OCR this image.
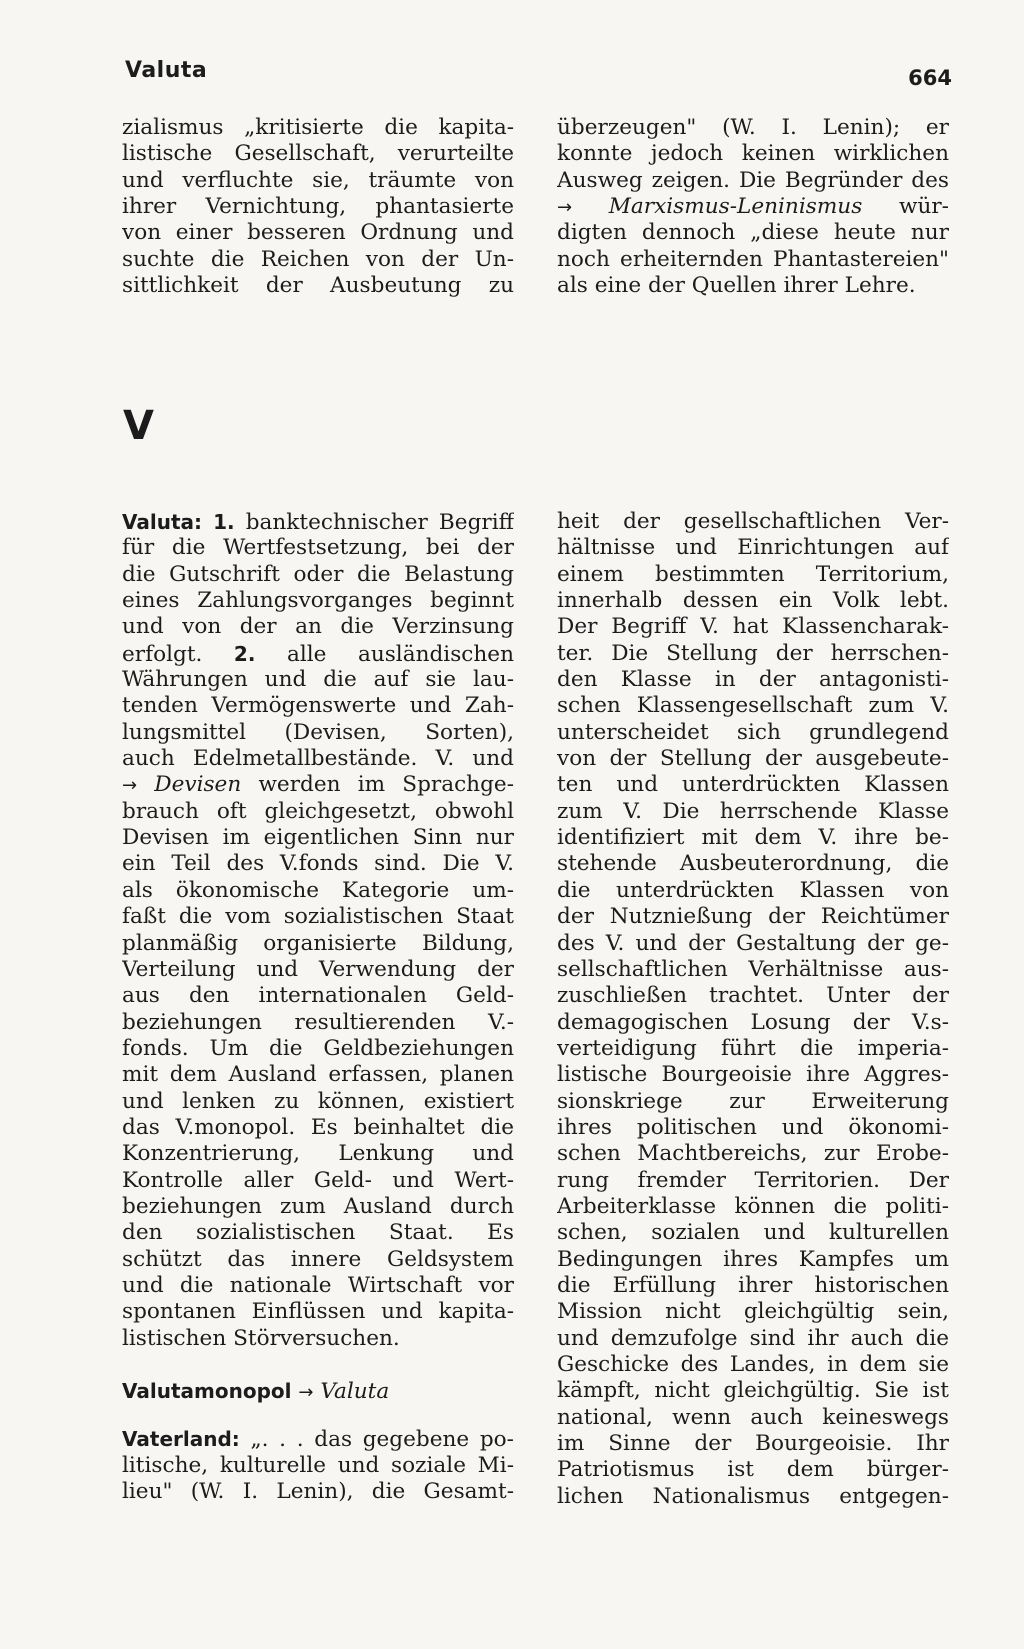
Valuta	664
zialismus „kritisierte die kapita-
listische Gesellschaft, verurteilte
und verfluchte sie, träumte von
ihrer Vernichtung, phantasierte
von einer besseren Ordnung und
suchte die Reichen von der Un-
sittlichkeit der Ausbeutung zu
überzeugen" (W. I. Lenin); er
konnte jedoch keinen wirklichen
Ausweg zeigen. Die Begründer des
→ Marxismus-Leninismus wür-
digten dennoch „diese heute nur
noch erheiternden Phantastereien"
als eine der Quellen ihrer Lehre.
V
Valuta: 1. banktechnischer Begriff
für die Wertfestsetzung, bei der
die Gutschrift oder die Belastung
eines Zahlungsvorganges beginnt
und von der an die Verzinsung
erfolgt. 2. alle ausländischen
Währungen und die auf sie lau-
tenden Vermögenswerte und Zah-
lungsmittel (Devisen, Sorten),
auch Edelmetallbestände. V. und
→ Devisen werden im Sprachge-
brauch oft gleichgesetzt, obwohl
Devisen im eigentlichen Sinn nur
ein Teil des V.fonds sind. Die V.
als ökonomische Kategorie um-
faßt die vom sozialistischen Staat
planmäßig organisierte Bildung,
Verteilung und Verwendung der
aus den internationalen Geld-
beziehungen resultierenden V.-
fonds. Um die Geldbeziehungen
mit dem Ausland erfassen, planen
und lenken zu können, existiert
das V.monopol. Es beinhaltet die
Konzentrierung, Lenkung und
Kontrolle aller Geld- und Wert-
beziehungen zum Ausland durch
den sozialistischen Staat. Es
schützt das innere Geldsystem
und die nationale Wirtschaft vor
spontanen Einflüssen und kapita-
listischen Störversuchen.
Valutamonopol → Valuta
Vaterland: „. . . das gegebene po-
litische, kulturelle und soziale Mi-
lieu" (W. I. Lenin), die Gesamt-
heit der gesellschaftlichen Ver-
hältnisse und Einrichtungen auf
einem bestimmten Territorium,
innerhalb dessen ein Volk lebt.
Der Begriff V. hat Klassencharak-
ter. Die Stellung der herrschen-
den Klasse in der antagonisti-
schen Klassengesellschaft zum V.
unterscheidet sich grundlegend
von der Stellung der ausgebeute-
ten und unterdrückten Klassen
zum V. Die herrschende Klasse
identifiziert mit dem V. ihre be-
stehende Ausbeuterordnung, die
die unterdrückten Klassen von
der Nutznießung der Reichtümer
des V. und der Gestaltung der ge-
sellschaftlichen Verhältnisse aus-
zuschließen trachtet. Unter der
demagogischen Losung der V.s-
verteidigung führt die imperia-
listische Bourgeoisie ihre Aggres-
sionskriege zur Erweiterung
ihres politischen und ökonomi-
schen Machtbereichs, zur Erobe-
rung fremder Territorien. Der
Arbeiterklasse können die politi-
schen, sozialen und kulturellen
Bedingungen ihres Kampfes um
die Erfüllung ihrer historischen
Mission nicht gleichgültig sein,
und demzufolge sind ihr auch die
Geschicke des Landes, in dem sie
kämpft, nicht gleichgültig. Sie ist
national, wenn auch keineswegs
im Sinne der Bourgeoisie. Ihr
Patriotismus ist dem bürger-
lichen Nationalismus entgegen-
